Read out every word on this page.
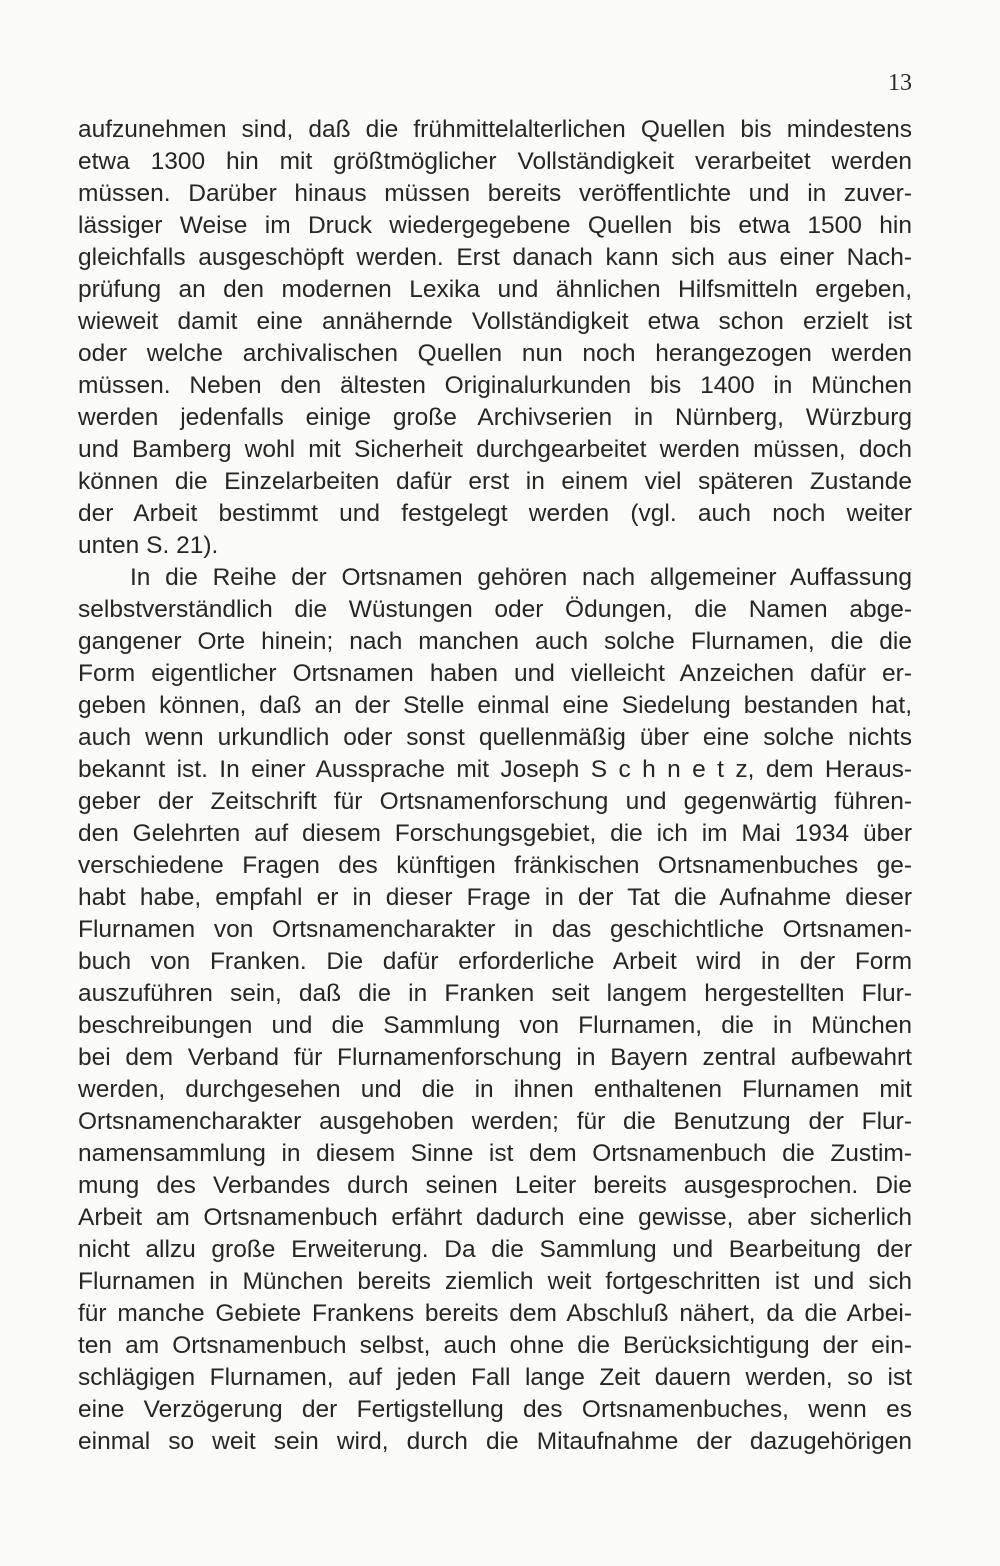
13
aufzunehmen sind, daß die frühmittelalterlichen Quellen bis mindestens
etwa 1300 hin mit größtmöglicher Vollständigkeit verarbeitet werden
müssen. Darüber hinaus müssen bereits veröffentlichte und in zuver-
lässiger Weise im Druck wiedergegebene Quellen bis etwa 1500 hin
gleichfalls ausgeschöpft werden. Erst danach kann sich aus einer Nach-
prüfung an den modernen Lexika und ähnlichen Hilfsmitteln ergeben,
wieweit damit eine annähernde Vollständigkeit etwa schon erzielt ist
oder welche archivalischen Quellen nun noch herangezogen werden
müssen. Neben den ältesten Originalurkunden bis 1400 in München
werden jedenfalls einige große Archivserien in Nürnberg, Würzburg
und Bamberg wohl mit Sicherheit durchgearbeitet werden müssen, doch
können die Einzelarbeiten dafür erst in einem viel späteren Zustande
der Arbeit bestimmt und festgelegt werden (vgl. auch noch weiter
unten S. 21).
In die Reihe der Ortsnamen gehören nach allgemeiner Auffassung
selbstverständlich die Wüstungen oder Ödungen, die Namen abge-
gangener Orte hinein; nach manchen auch solche Flurnamen, die die
Form eigentlicher Ortsnamen haben und vielleicht Anzeichen dafür er-
geben können, daß an der Stelle einmal eine Siedelung bestanden hat,
auch wenn urkundlich oder sonst quellenmäßig über eine solche nichts
bekannt ist. In einer Aussprache mit Joseph S c h n e t z, dem Heraus-
geber der Zeitschrift für Ortsnamenforschung und gegenwärtig führen-
den Gelehrten auf diesem Forschungsgebiet, die ich im Mai 1934 über
verschiedene Fragen des künftigen fränkischen Ortsnamenbuches ge-
habt habe, empfahl er in dieser Frage in der Tat die Aufnahme dieser
Flurnamen von Ortsnamencharakter in das geschichtliche Ortsnamen-
buch von Franken. Die dafür erforderliche Arbeit wird in der Form
auszuführen sein, daß die in Franken seit langem hergestellten Flur-
beschreibungen und die Sammlung von Flurnamen, die in München
bei dem Verband für Flurnamenforschung in Bayern zentral aufbewahrt
werden, durchgesehen und die in ihnen enthaltenen Flurnamen mit
Ortsnamencharakter ausgehoben werden; für die Benutzung der Flur-
namensammlung in diesem Sinne ist dem Ortsnamenbuch die Zustim-
mung des Verbandes durch seinen Leiter bereits ausgesprochen. Die
Arbeit am Ortsnamenbuch erfährt dadurch eine gewisse, aber sicherlich
nicht allzu große Erweiterung. Da die Sammlung und Bearbeitung der
Flurnamen in München bereits ziemlich weit fortgeschritten ist und sich
für manche Gebiete Frankens bereits dem Abschluß nähert, da die Arbei-
ten am Ortsnamenbuch selbst, auch ohne die Berücksichtigung der ein-
schlägigen Flurnamen, auf jeden Fall lange Zeit dauern werden, so ist
eine Verzögerung der Fertigstellung des Ortsnamenbuches, wenn es
einmal so weit sein wird, durch die Mitaufnahme der dazugehörigen
